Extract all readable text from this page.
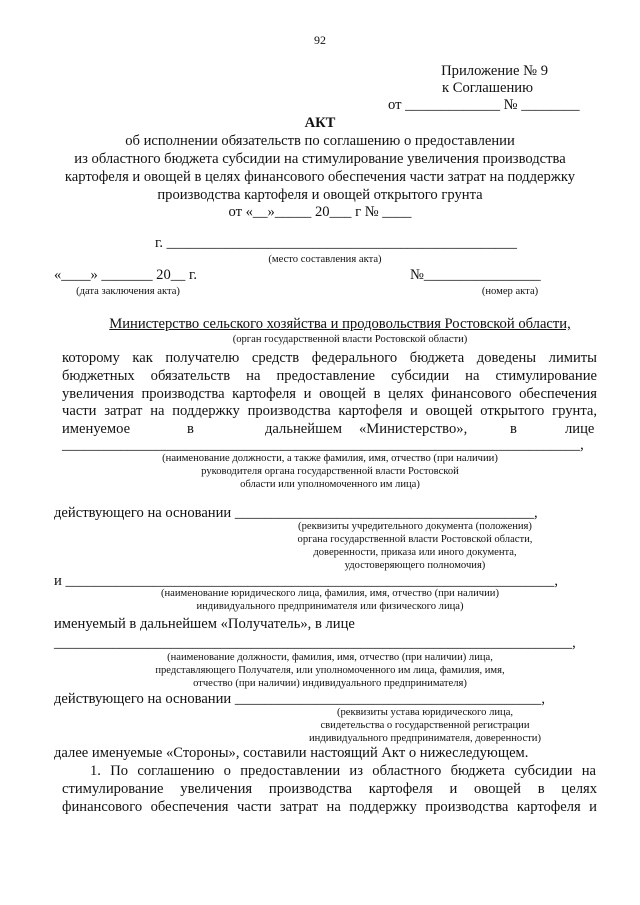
92
Приложение № 9
к Соглашению
от _____________ № ________
АКТ
об исполнении обязательств по соглашению о предоставлении
из областного бюджета субсидии на стимулирование увеличения производства
картофеля и овощей в целях финансового обеспечения части затрат на поддержку
производства картофеля и овощей открытого грунта
от «__»_____ 20___ г № ____
г. ________________________________________________
(место составления акта)
«____» _______ 20__ г.	№________________
(дата заключения акта)	(номер акта)
Министерство сельского хозяйства и продовольствия Ростовской области,
(орган государственной власти Ростовской области)
которому как получателю средств федерального бюджета доведены лимиты
бюджетных обязательств на предоставление субсидии на стимулирование
увеличения производства картофеля и овощей в целях финансового обеспечения
части затрат на поддержку производства картофеля и овощей открытого грунта,
именуемое	в	дальнейшем «Министерство»,	в	лице
_______________________________________________________________________,
(наименование должности, а также фамилия, имя, отчество (при наличии)
руководителя органа государственной власти Ростовской
области или уполномоченного им лица)
действующего на основании _________________________________________,
(реквизиты учредительного документа (положения)
органа государственной власти Ростовской области,
доверенности, приказа или иного документа,
удостоверяющего полномочия)
и ___________________________________________________________________,
(наименование юридического лица, фамилия, имя, отчество (при наличии)
индивидуального предпринимателя или физического лица)
именуемый в дальнейшем «Получатель», в лице
_______________________________________________________________________,
(наименование должности, фамилия, имя, отчество (при наличии) лица,
представляющего Получателя, или уполномоченного им лица, фамилия, имя,
отчество (при наличии) индивидуального предпринимателя)
действующего на основании __________________________________________,
(реквизиты устава юридического лица,
свидетельства о государственной регистрации
индивидуального предпринимателя, доверенности)
далее именуемые «Стороны», составили настоящий Акт о нижеследующем.
1. По соглашению о предоставлении из областного бюджета субсидии на
стимулирование увеличения производства картофеля и овощей в целях
финансового обеспечения части затрат на поддержку производства картофеля и
